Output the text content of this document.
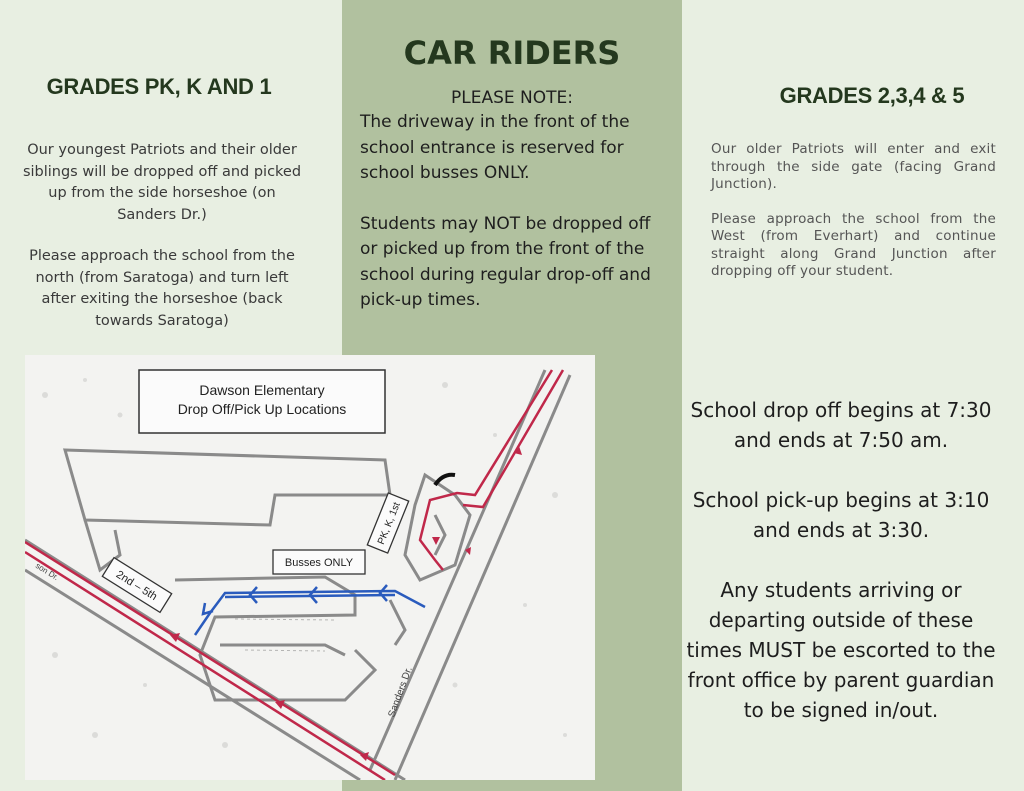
GRADES PK, K AND 1

Our youngest Patriots and their older siblings will be dropped off and picked up from the side horseshoe (on Sanders Dr.)

Please approach the school from the north (from Saratoga) and turn left after exiting the horseshoe (back towards Saratoga)

CAR RIDERS
PLEASE NOTE:

The driveway in the front of the school entrance is reserved for school busses ONLY.

Students may NOT be dropped off or picked up from the front of the school during regular drop-off and pick-up times.

GRADES 2,3,4 & 5

Our older Patriots will enter and exit through the side gate (facing Grand Junction).

Please approach the school from the West (from Everhart) and continue straight along Grand Junction after dropping off your student.

School drop off begins at 7:30 and ends at 7:50 am.

School pick-up begins at 3:10 and ends at 3:30.

Any students arriving or departing outside of these times MUST be escorted to the front office by parent guardian to be signed in/out.

Dawson Elementary
Drop Off/Pick Up Locations
PK, K, 1st
Busses ONLY
2nd – 5th
Sanders Dr.
son Dr.
